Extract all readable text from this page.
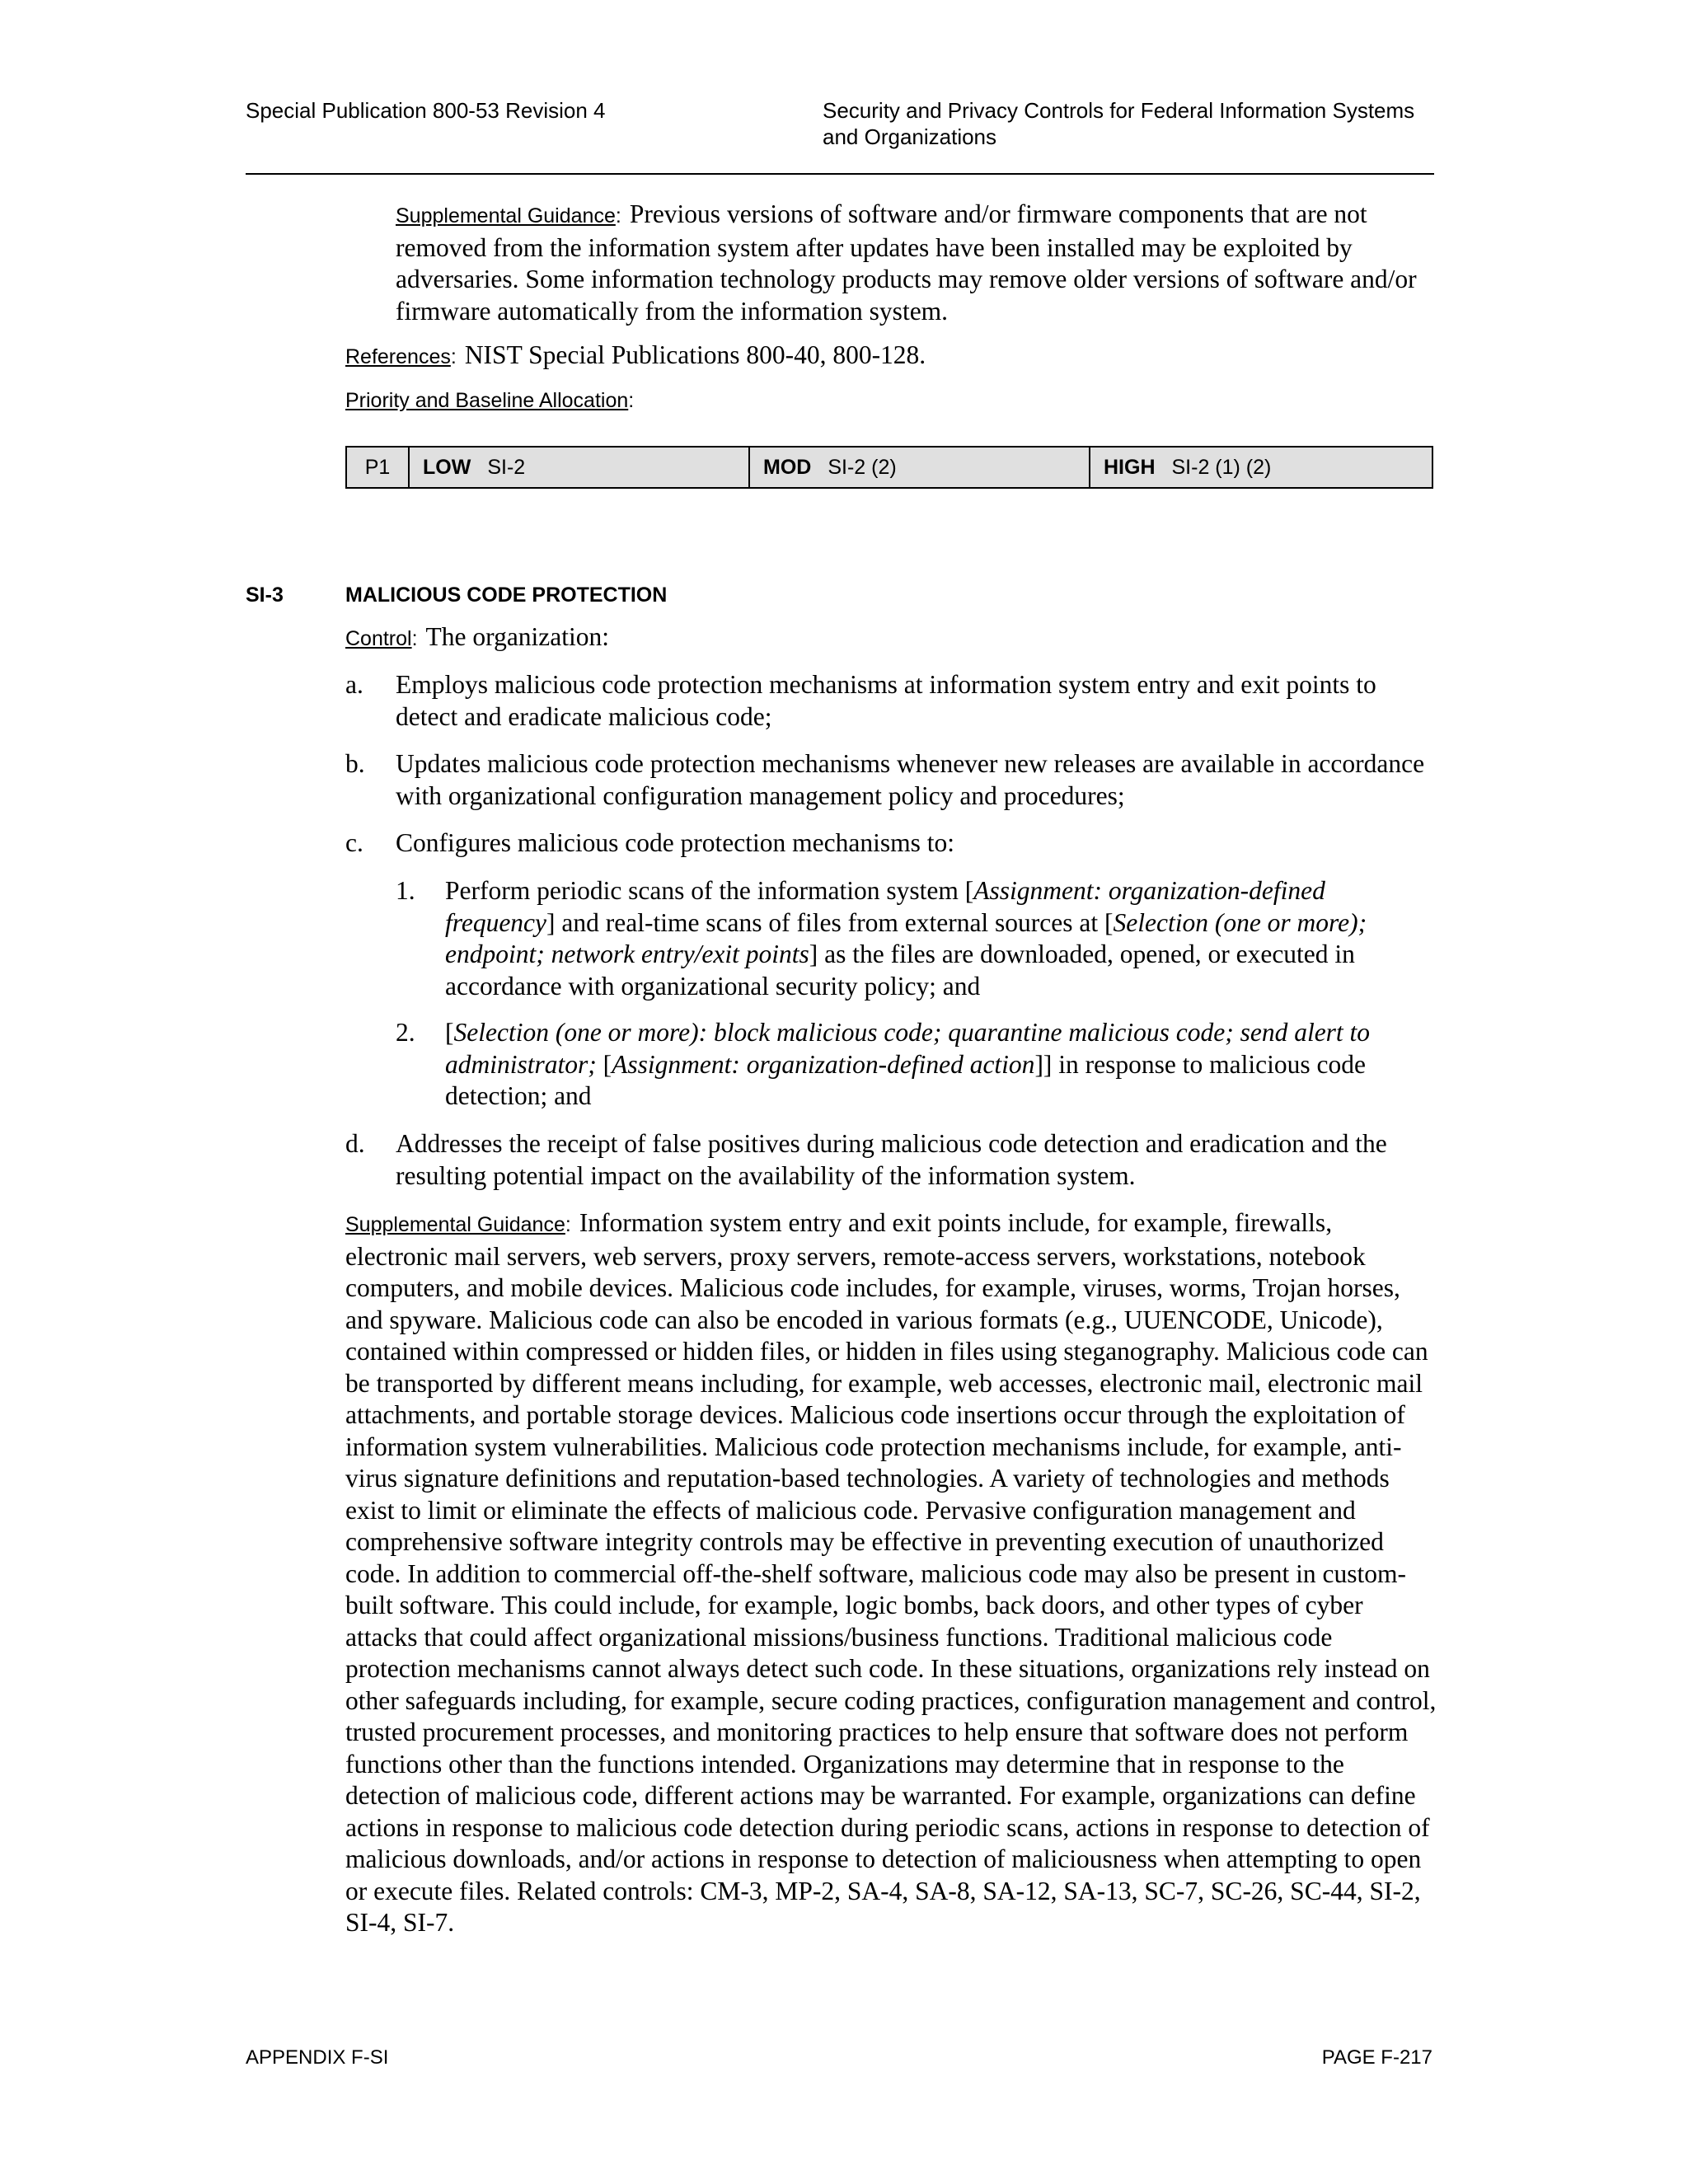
Special Publication 800-53 Revision 4	Security and Privacy Controls for Federal Information Systems
and Organizations
Supplemental Guidance: Previous versions of software and/or firmware components that are not removed from the information system after updates have been installed may be exploited by adversaries. Some information technology products may remove older versions of software and/or firmware automatically from the information system.
References: NIST Special Publications 800-40, 800-128.
Priority and Baseline Allocation:
P1	LOW SI-2	MOD SI-2 (2)	HIGH SI-2 (1) (2)
SI-3	MALICIOUS CODE PROTECTION
Control: The organization:
a. Employs malicious code protection mechanisms at information system entry and exit points to detect and eradicate malicious code;
b. Updates malicious code protection mechanisms whenever new releases are available in accordance with organizational configuration management policy and procedures;
c. Configures malicious code protection mechanisms to:
1. Perform periodic scans of the information system [Assignment: organization-defined frequency] and real-time scans of files from external sources at [Selection (one or more); endpoint; network entry/exit points] as the files are downloaded, opened, or executed in accordance with organizational security policy; and
2. [Selection (one or more): block malicious code; quarantine malicious code; send alert to administrator; [Assignment: organization-defined action]] in response to malicious code detection; and
d. Addresses the receipt of false positives during malicious code detection and eradication and the resulting potential impact on the availability of the information system.
Supplemental Guidance: Information system entry and exit points include, for example, firewalls, electronic mail servers, web servers, proxy servers, remote-access servers, workstations, notebook computers, and mobile devices. Malicious code includes, for example, viruses, worms, Trojan horses, and spyware. Malicious code can also be encoded in various formats (e.g., UUENCODE, Unicode), contained within compressed or hidden files, or hidden in files using steganography. Malicious code can be transported by different means including, for example, web accesses, electronic mail, electronic mail attachments, and portable storage devices. Malicious code insertions occur through the exploitation of information system vulnerabilities. Malicious code protection mechanisms include, for example, anti-virus signature definitions and reputation-based technologies. A variety of technologies and methods exist to limit or eliminate the effects of malicious code. Pervasive configuration management and comprehensive software integrity controls may be effective in preventing execution of unauthorized code. In addition to commercial off-the-shelf software, malicious code may also be present in custom-built software. This could include, for example, logic bombs, back doors, and other types of cyber attacks that could affect organizational missions/business functions. Traditional malicious code protection mechanisms cannot always detect such code. In these situations, organizations rely instead on other safeguards including, for example, secure coding practices, configuration management and control, trusted procurement processes, and monitoring practices to help ensure that software does not perform functions other than the functions intended. Organizations may determine that in response to the detection of malicious code, different actions may be warranted. For example, organizations can define actions in response to malicious code detection during periodic scans, actions in response to detection of malicious downloads, and/or actions in response to detection of maliciousness when attempting to open or execute files. Related controls: CM-3, MP-2, SA-4, SA-8, SA-12, SA-13, SC-7, SC-26, SC-44, SI-2, SI-4, SI-7.
APPENDIX F-SI	PAGE F-217
